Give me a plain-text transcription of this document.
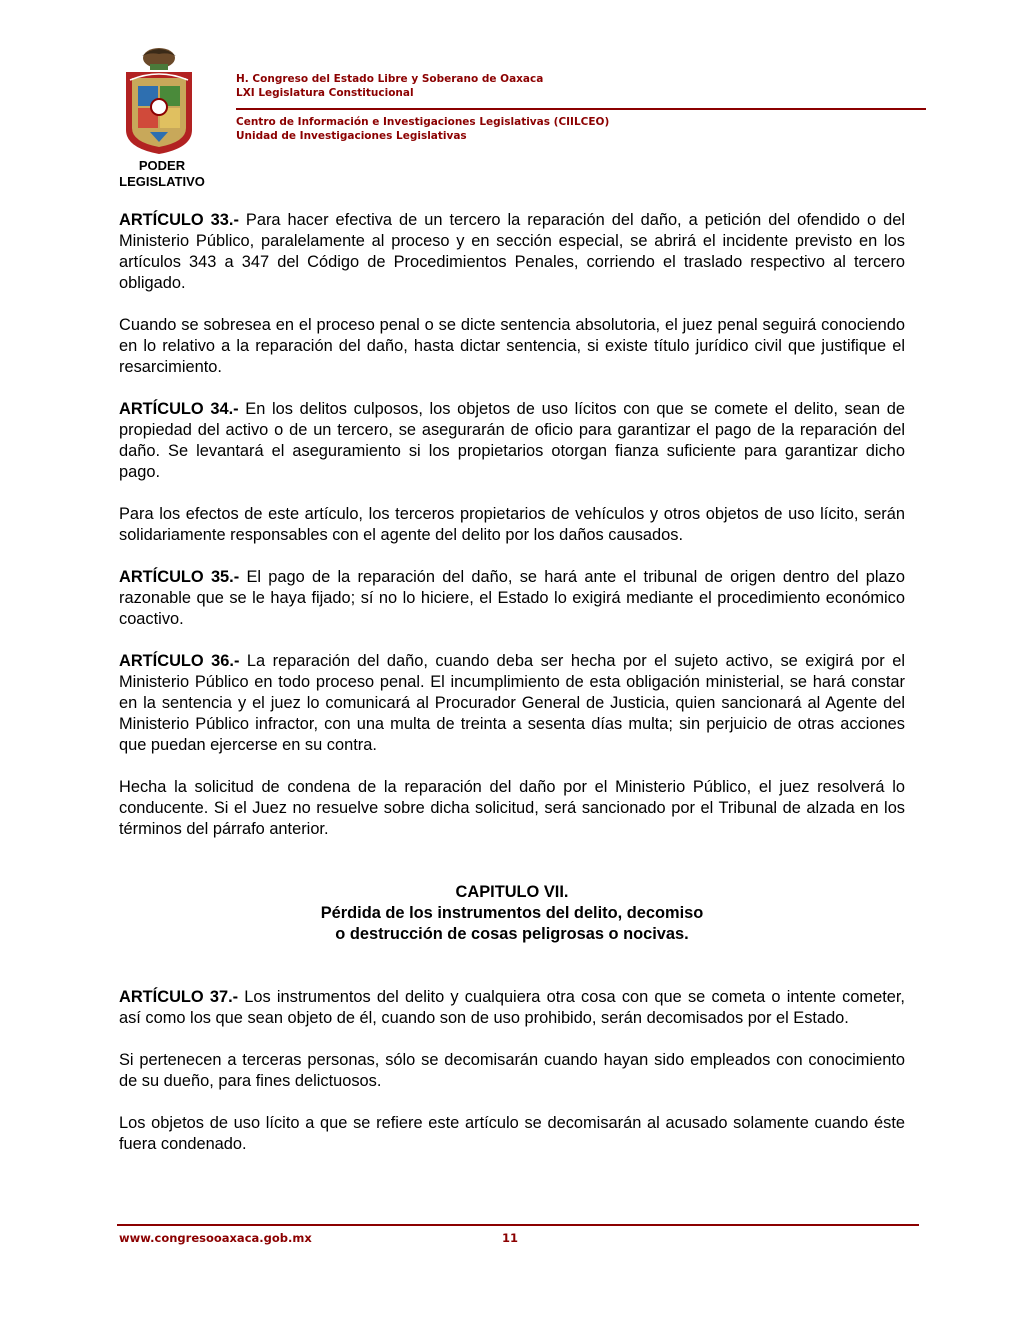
H. Congreso del Estado Libre y Soberano de Oaxaca
LXI Legislatura Constitucional
Centro de Información e Investigaciones Legislativas (CIILCEO)
Unidad de Investigaciones Legislativas
PODER
LEGISLATIVO

ARTÍCULO 33.- Para hacer efectiva de un tercero la reparación del daño, a petición del ofendido o del Ministerio Público, paralelamente al proceso y en sección especial, se abrirá el incidente previsto en los artículos 343 a 347 del Código de Procedimientos Penales, corriendo el traslado respectivo al tercero obligado.

Cuando se sobresea en el proceso penal o se dicte sentencia absolutoria, el juez penal seguirá conociendo en lo relativo a la reparación del daño, hasta dictar sentencia, si existe título jurídico civil que justifique el resarcimiento.

ARTÍCULO 34.- En los delitos culposos, los objetos de uso lícitos con que se comete el delito, sean de propiedad del activo o de un tercero, se asegurarán de oficio para garantizar el pago de la reparación del daño. Se levantará el aseguramiento si los propietarios otorgan fianza suficiente para garantizar dicho pago.

Para los efectos de este artículo, los terceros propietarios de vehículos y otros objetos de uso lícito, serán solidariamente responsables con el agente del delito por los daños causados.

ARTÍCULO 35.- El pago de la reparación del daño, se hará ante el tribunal de origen dentro del plazo razonable que se le haya fijado; sí no lo hiciere, el Estado lo exigirá mediante el procedimiento económico coactivo.

ARTÍCULO 36.- La reparación del daño, cuando deba ser hecha por el sujeto activo, se exigirá por el Ministerio Público en todo proceso penal. El incumplimiento de esta obligación ministerial, se hará constar en la sentencia y el juez lo comunicará al Procurador General de Justicia, quien sancionará al Agente del Ministerio Público infractor, con una multa de treinta a sesenta días multa; sin perjuicio de otras acciones que puedan ejercerse en su contra.

Hecha la solicitud de condena de la reparación del daño por el Ministerio Público, el juez resolverá lo conducente. Si el Juez no resuelve sobre dicha solicitud, será sancionado por el Tribunal de alzada en los términos del párrafo anterior.

CAPITULO VII.
Pérdida de los instrumentos del delito, decomiso
o destrucción de cosas peligrosas o nocivas.

ARTÍCULO 37.- Los instrumentos del delito y cualquiera otra cosa con que se cometa o intente cometer, así como los que sean objeto de él, cuando son de uso prohibido, serán decomisados por el Estado.

Si pertenecen a terceras personas, sólo se decomisarán cuando hayan sido empleados con conocimiento de su dueño, para fines delictuosos.

Los objetos de uso lícito a que se refiere este artículo se decomisarán al acusado solamente cuando éste fuera condenado.

www.congresooaxaca.gob.mx	11
